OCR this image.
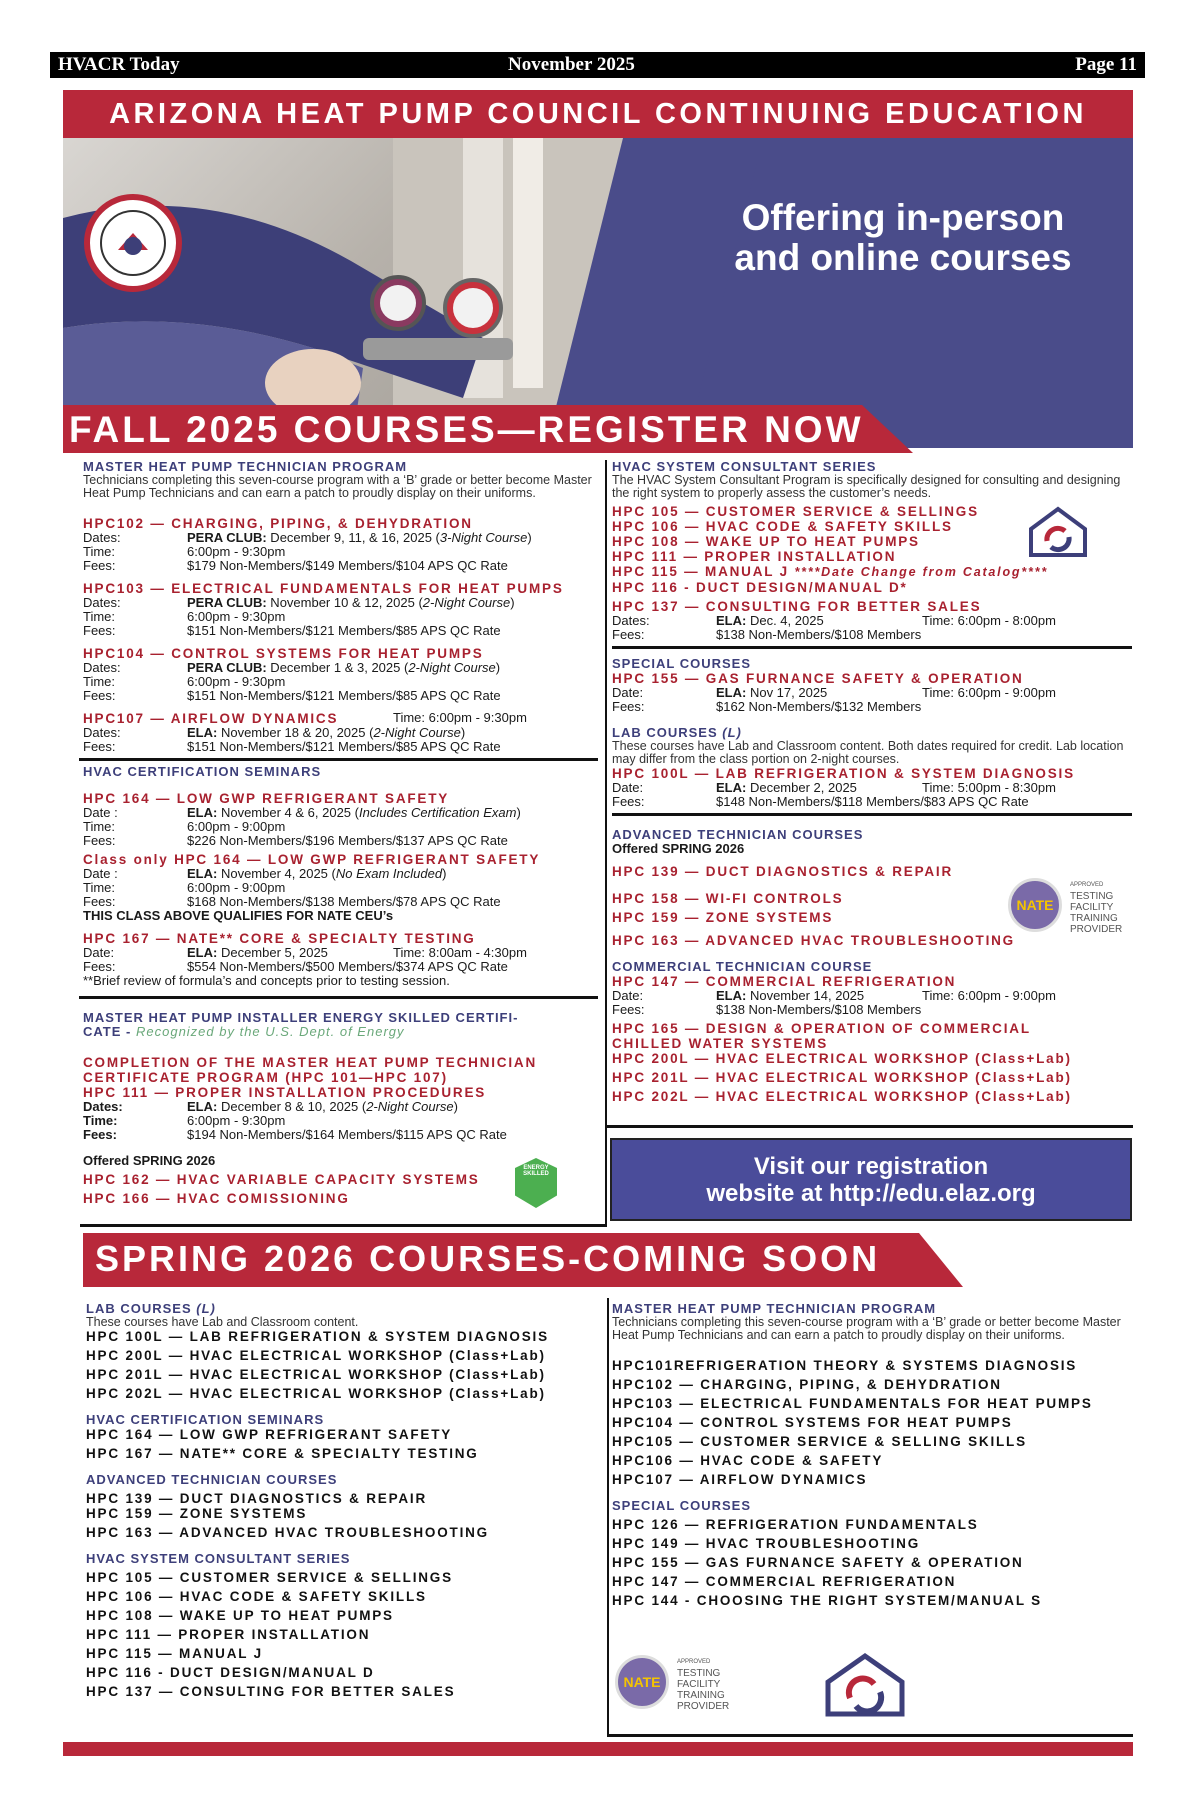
HVACR Today	November 2025	Page 11
ARIZONA HEAT PUMP COUNCIL CONTINUING EDUCATION
Offering in-person
and online courses
FALL 2025 COURSES—REGISTER NOW
MASTER HEAT PUMP TECHNICIAN PROGRAM
Technicians completing this seven-course program with a ‘B’ grade or better become Master Heat Pump Technicians and can earn a patch to proudly display on their uniforms.
HPC102 — CHARGING, PIPING, & DEHYDRATION
Dates:	PERA CLUB: December 9, 11, & 16, 2025 (3-Night Course)
Time:	6:00pm - 9:30pm
Fees:	$179 Non-Members/$149 Members/$104 APS QC Rate
HPC103 — ELECTRICAL FUNDAMENTALS FOR HEAT PUMPS
Dates:	PERA CLUB: November 10 & 12, 2025 (2-Night Course)
Time:	6:00pm - 9:30pm
Fees:	$151 Non-Members/$121 Members/$85 APS QC Rate
HPC104 — CONTROL SYSTEMS FOR HEAT PUMPS
Dates:	PERA CLUB: December 1 & 3, 2025 (2-Night Course)
Time:	6:00pm - 9:30pm
Fees:	$151 Non-Members/$121 Members/$85 APS QC Rate
HPC107 — AIRFLOW DYNAMICS	Time: 6:00pm - 9:30pm
Dates:	ELA: November 18 & 20, 2025 (2-Night Course)
Fees:	$151 Non-Members/$121 Members/$85 APS QC Rate
HVAC CERTIFICATION SEMINARS
HPC 164 — LOW GWP REFRIGERANT SAFETY
Date :	ELA: November 4 & 6, 2025 (Includes Certification Exam)
Time:	6:00pm - 9:00pm
Fees:	$226 Non-Members/$196 Members/$137 APS QC Rate
Class only HPC 164 — LOW GWP REFRIGERANT SAFETY
Date :	ELA: November 4, 2025 (No Exam Included)
Time:	6:00pm - 9:00pm
Fees:	$168 Non-Members/$138 Members/$78 APS QC Rate
THIS CLASS ABOVE QUALIFIES FOR NATE CEU’s
HPC 167 — NATE** CORE & SPECIALTY TESTING
Date:	ELA: December 5, 2025	Time: 8:00am - 4:30pm
Fees:	$554 Non-Members/$500 Members/$374 APS QC Rate
**Brief review of formula’s and concepts prior to testing session.
MASTER HEAT PUMP INSTALLER ENERGY SKILLED CERTIFI-
CATE - Recognized by the U.S. Dept. of Energy
COMPLETION OF THE MASTER HEAT PUMP TECHNICIAN
CERTIFICATE PROGRAM (HPC 101—HPC 107)
HPC 111 — PROPER INSTALLATION PROCEDURES
Dates:	ELA: December 8 & 10, 2025 (2-Night Course)
Time:	6:00pm - 9:30pm
Fees:	$194 Non-Members/$164 Members/$115 APS QC Rate
Offered SPRING 2026
HPC 162 — HVAC VARIABLE CAPACITY SYSTEMS
HPC 166 — HVAC COMISSIONING
ENERGY SKILLED
HVAC SYSTEM CONSULTANT SERIES
The HVAC System Consultant Program is specifically designed for consulting and designing the right system to properly assess the customer’s needs.
HPC 105 — CUSTOMER SERVICE & SELLINGS
HPC 106 — HVAC CODE & SAFETY SKILLS
HPC 108 — WAKE UP TO HEAT PUMPS
HPC 111 — PROPER INSTALLATION
HPC 115 — MANUAL J ****Date Change from Catalog****
HPC 116 - DUCT DESIGN/MANUAL D*
HPC 137 — CONSULTING FOR BETTER SALES
Dates:	ELA: Dec. 4, 2025	Time: 6:00pm - 8:00pm
Fees:	$138 Non-Members/$108 Members
SPECIAL COURSES
HPC 155 — GAS FURNANCE SAFETY & OPERATION
Date:	ELA: Nov 17, 2025	Time: 6:00pm - 9:00pm
Fees:	$162 Non-Members/$132 Members
LAB COURSES (L)
These courses have Lab and Classroom content. Both dates required for credit. Lab location may differ from the class portion on 2-night courses.
HPC 100L — LAB REFRIGERATION & SYSTEM DIAGNOSIS
Date:	ELA: December 2, 2025	Time: 5:00pm - 8:30pm
Fees:	$148 Non-Members/$118 Members/$83 APS QC Rate
ADVANCED TECHNICIAN COURSES
Offered SPRING 2026
HPC 139 — DUCT DIAGNOSTICS & REPAIR
HPC 158 — WI-FI CONTROLS
HPC 159 — ZONE SYSTEMS
HPC 163 — ADVANCED HVAC TROUBLESHOOTING
COMMERCIAL TECHNICIAN COURSE
HPC 147 — COMMERCIAL REFRIGERATION
Date:	ELA: November 14, 2025	Time: 6:00pm - 9:00pm
Fees:	$138 Non-Members/$108 Members
HPC 165 — DESIGN & OPERATION OF COMMERCIAL
CHILLED WATER SYSTEMS
HPC 200L — HVAC ELECTRICAL WORKSHOP (Class+Lab)
HPC 201L — HVAC ELECTRICAL WORKSHOP (Class+Lab)
HPC 202L — HVAC ELECTRICAL WORKSHOP (Class+Lab)
NATE
APPROVED
TESTING
FACILITY
TRAINING
PROVIDER
Visit our registration
website at http://edu.elaz.org
SPRING 2026 COURSES-COMING SOON
LAB COURSES (L)
These courses have Lab and Classroom content.
HPC 100L — LAB REFRIGERATION & SYSTEM DIAGNOSIS
HPC 200L — HVAC ELECTRICAL WORKSHOP (Class+Lab)
HPC 201L — HVAC ELECTRICAL WORKSHOP (Class+Lab)
HPC 202L — HVAC ELECTRICAL WORKSHOP (Class+Lab)
HVAC CERTIFICATION SEMINARS
HPC 164 — LOW GWP REFRIGERANT SAFETY
HPC 167 — NATE** CORE & SPECIALTY TESTING
ADVANCED TECHNICIAN COURSES
HPC 139 — DUCT DIAGNOSTICS & REPAIR
HPC 159 — ZONE SYSTEMS
HPC 163 — ADVANCED HVAC TROUBLESHOOTING
HVAC SYSTEM CONSULTANT SERIES
HPC 105 — CUSTOMER SERVICE & SELLINGS
HPC 106 — HVAC CODE & SAFETY SKILLS
HPC 108 — WAKE UP TO HEAT PUMPS
HPC 111 — PROPER INSTALLATION
HPC 115 — MANUAL J
HPC 116 - DUCT DESIGN/MANUAL D
HPC 137 — CONSULTING FOR BETTER SALES
MASTER HEAT PUMP TECHNICIAN PROGRAM
Technicians completing this seven-course program with a ‘B’ grade or better become Master Heat Pump Technicians and can earn a patch to proudly display on their uniforms.
HPC101REFRIGERATION THEORY & SYSTEMS DIAGNOSIS
HPC102 — CHARGING, PIPING, & DEHYDRATION
HPC103 — ELECTRICAL FUNDAMENTALS FOR HEAT PUMPS
HPC104 — CONTROL SYSTEMS FOR HEAT PUMPS
HPC105 — CUSTOMER SERVICE & SELLING SKILLS
HPC106 — HVAC CODE & SAFETY
HPC107 — AIRFLOW DYNAMICS
SPECIAL COURSES
HPC 126 — REFRIGERATION FUNDAMENTALS
HPC 149 — HVAC TROUBLESHOOTING
HPC 155 — GAS FURNANCE SAFETY & OPERATION
HPC 147 — COMMERCIAL REFRIGERATION
HPC 144 - CHOOSING THE RIGHT SYSTEM/MANUAL S
NATE
APPROVED
TESTING
FACILITY
TRAINING
PROVIDER
